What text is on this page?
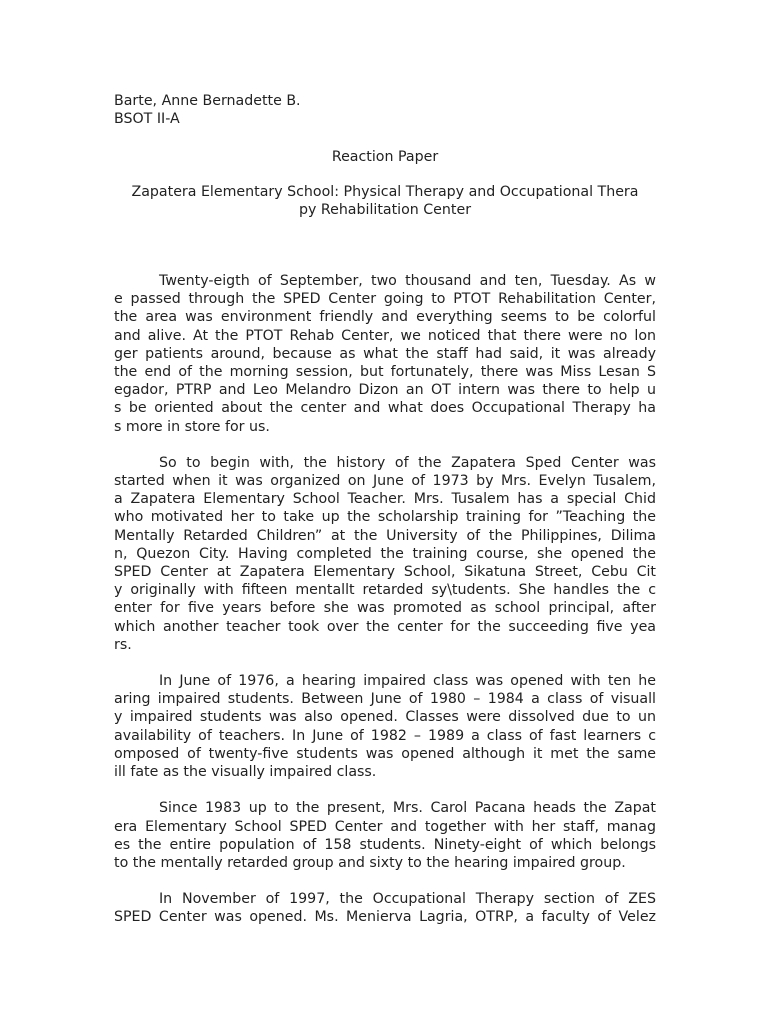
Barte, Anne Bernadette B.
BSOT II-A
Reaction Paper
Zapatera Elementary School: Physical Therapy and Occupational Thera
py Rehabilitation Center
Twenty-eigth of September, two thousand and ten, Tuesday. As w
e passed through the SPED Center going to PTOT Rehabilitation Center,
the area was environment friendly and everything seems to be colorful
and alive. At the PTOT Rehab Center, we noticed that there were no lon
ger patients around, because as what the staff had said, it was already
the end of the morning session, but fortunately, there was Miss Lesan S
egador, PTRP and Leo Melandro Dizon an OT intern was there to help u
s be oriented about the center and what does Occupational Therapy ha
s more in store for us.
So to begin with, the history of the Zapatera Sped Center was
started when it was organized on June of 1973 by Mrs. Evelyn Tusalem,
a Zapatera Elementary School Teacher. Mrs. Tusalem has a special Chid
who motivated her to take up the scholarship training for ”Teaching the
Mentally Retarded Children” at the University of the Philippines, Dilima
n, Quezon City. Having completed the training course, she opened the
SPED Center at Zapatera Elementary School, Sikatuna Street, Cebu Cit
y originally with fifteen mentallt retarded sy\tudents. She handles the c
enter for five years before she was promoted as school principal, after
which another teacher took over the center for the succeeding five yea
rs.
In June of 1976, a hearing impaired class was opened with ten he
aring impaired students. Between June of 1980 – 1984 a class of visuall
y impaired students was also opened. Classes were dissolved due to un
availability of teachers. In June of 1982 – 1989 a class of fast learners c
omposed of twenty-five students was opened although it met the same
ill fate as the visually impaired class.
Since 1983 up to the present, Mrs. Carol Pacana heads the Zapat
era Elementary School SPED Center and together with her staff, manag
es the entire population of 158 students. Ninety-eight of which belongs
to the mentally retarded group and sixty to the hearing impaired group.
In November of 1997, the Occupational Therapy section of ZES
SPED Center was opened. Ms. Menierva Lagria, OTRP, a faculty of Velez
